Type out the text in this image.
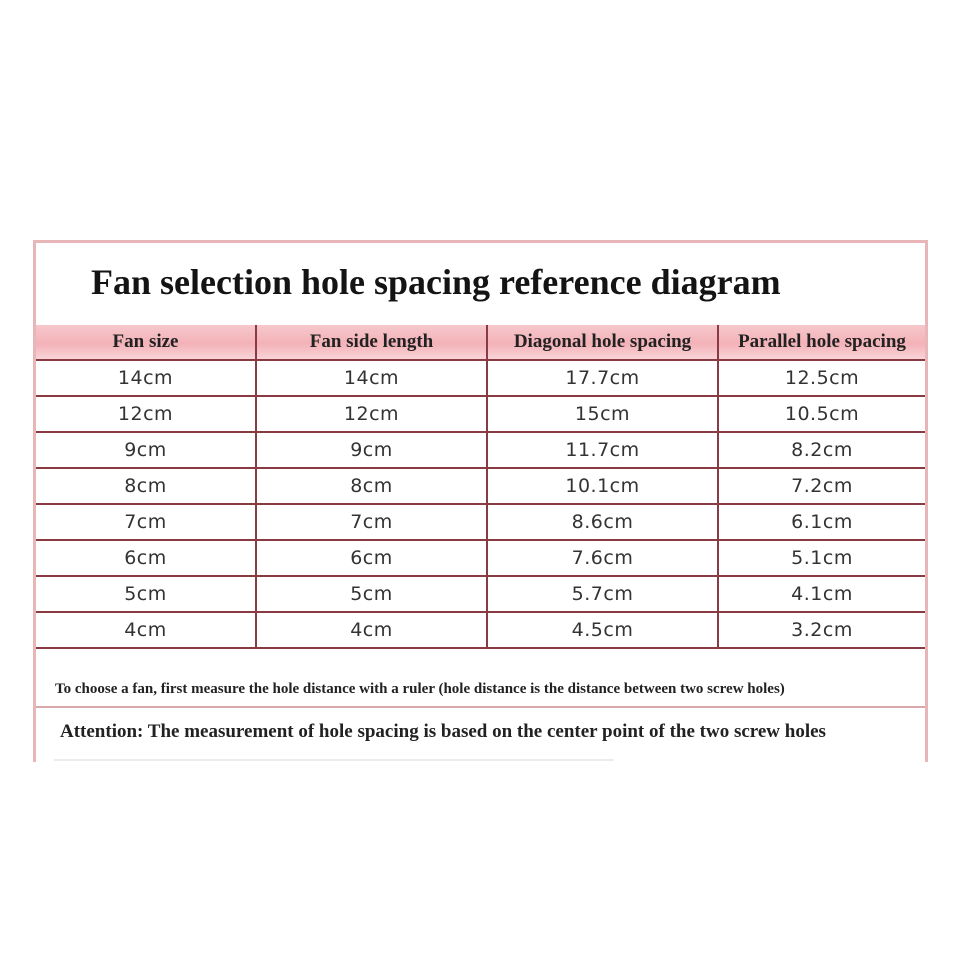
Fan selection hole spacing reference diagram
Fan size	Fan side length	Diagonal hole spacing	Parallel hole spacing
14cm	14cm	17.7cm	12.5cm
12cm	12cm	15cm	10.5cm
9cm	9cm	11.7cm	8.2cm
8cm	8cm	10.1cm	7.2cm
7cm	7cm	8.6cm	6.1cm
6cm	6cm	7.6cm	5.1cm
5cm	5cm	5.7cm	4.1cm
4cm	4cm	4.5cm	3.2cm
To choose a fan, first measure the hole distance with a ruler (hole distance is the distance between two screw holes)
Attention: The measurement of hole spacing is based on the center point of the two screw holes
